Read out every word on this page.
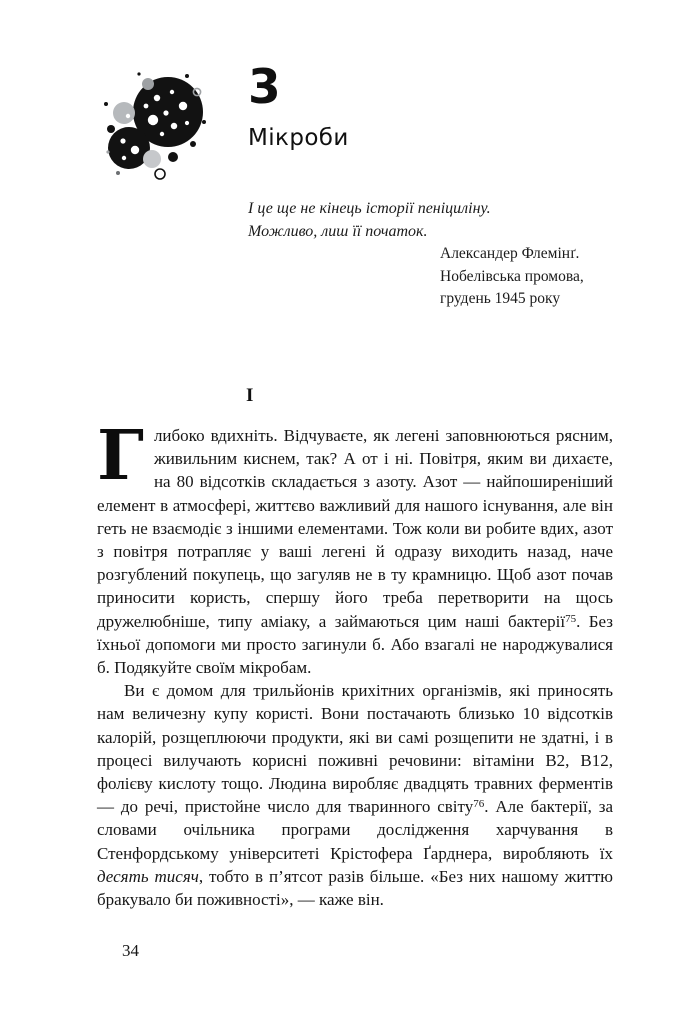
3
Мікроби
І це ще не кінець історії пеніциліну.
Можливо, лиш її початок.
Александер Флемінґ.
Нобелівська промова,
грудень 1945 року
І

Глибоко вдихніть. Відчуваєте, як легені заповнюються рясним, живильним киснем, так? А от і ні. Повітря, яким ви дихаєте, на 80 відсотків складається з азоту. Азот — найпоширеніший елемент в атмосфері, життєво важливий для нашого існування, але він геть не взаємодіє з іншими елементами. Тож коли ви робите вдих, азот з повітря потрапляє у ваші легені й одразу виходить назад, наче розгублений покупець, що загуляв не в ту крамницю. Щоб азот почав приносити користь, спершу його треба перетворити на щось дружелюбніше, типу аміаку, а займаються цим наші бактерії$^{75}$. Без їхньої допомоги ми просто загинули б. Або взагалі не народжувалися б. Подякуйте своїм мікробам.

Ви є домом для трильйонів крихітних організмів, які приносять нам величезну купу користі. Вони постачають близько 10 відсотків калорій, розщеплюючи продукти, які ви самі розщепити не здатні, і в процесі вилучають корисні поживні речовини: вітаміни B2, B12, фолієву кислоту тощо. Людина виробляє двадцять травних ферментів — до речі, пристойне число для тваринного світу$^{76}$. Але бактерії, за словами очільника програми дослідження харчування в Стенфордському університеті Крістофера Ґарднера, виробляють їх десять тисяч, тобто в п’ятсот разів більше. «Без них нашому життю бракувало би поживності», — каже він.

34
